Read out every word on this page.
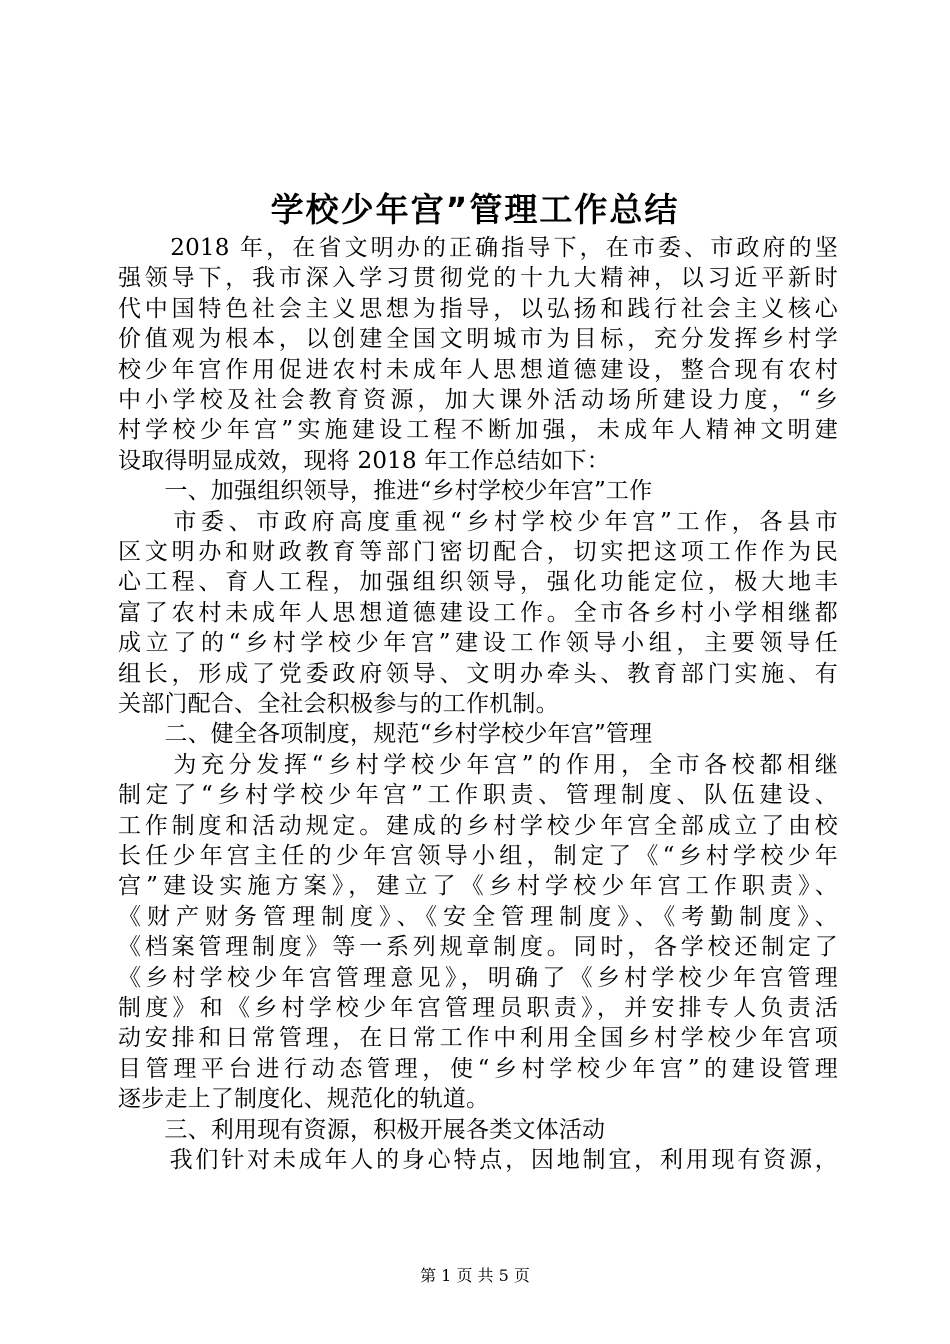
学校少年宫”管理工作总结
　　2018 年，在省文明办的正确指导下，在市委、市政府的坚
强领导下，我市深入学习贯彻党的十九大精神，以习近平新时
代中国特色社会主义思想为指导，以弘扬和践行社会主义核心
价值观为根本，以创建全国文明城市为目标，充分发挥乡村学
校少年宫作用促进农村未成年人思想道德建设，整合现有农村
中小学校及社会教育资源，加大课外活动场所建设力度，“乡
村学校少年宫”实施建设工程不断加强，未成年人精神文明建
设取得明显成效，现将 2018 年工作总结如下：
　　一、加强组织领导，推进“乡村学校少年宫”工作
　　市委、市政府高度重视“乡村学校少年宫”工作，各县市
区文明办和财政教育等部门密切配合，切实把这项工作作为民
心工程、育人工程，加强组织领导，强化功能定位，极大地丰
富了农村未成年人思想道德建设工作。全市各乡村小学相继都
成立了的“乡村学校少年宫”建设工作领导小组，主要领导任
组长，形成了党委政府领导、文明办牵头、教育部门实施、有
关部门配合、全社会积极参与的工作机制。
　　二、健全各项制度，规范“乡村学校少年宫”管理
　　为充分发挥“乡村学校少年宫”的作用，全市各校都相继
制定了“乡村学校少年宫”工作职责、管理制度、队伍建设、
工作制度和活动规定。建成的乡村学校少年宫全部成立了由校
长任少年宫主任的少年宫领导小组，制定了《“乡村学校少年
宫”建设实施方案》，建立了《乡村学校少年宫工作职责》、
《财产财务管理制度》、《安全管理制度》、《考勤制度》、
《档案管理制度》等一系列规章制度。同时，各学校还制定了
《乡村学校少年宫管理意见》，明确了《乡村学校少年宫管理
制度》和《乡村学校少年宫管理员职责》，并安排专人负责活
动安排和日常管理，在日常工作中利用全国乡村学校少年宫项
目管理平台进行动态管理，使“乡村学校少年宫”的建设管理
逐步走上了制度化、规范化的轨道。
　　三、利用现有资源，积极开展各类文体活动
　　我们针对未成年人的身心特点，因地制宜，利用现有资源，
第 1 页 共 5 页
